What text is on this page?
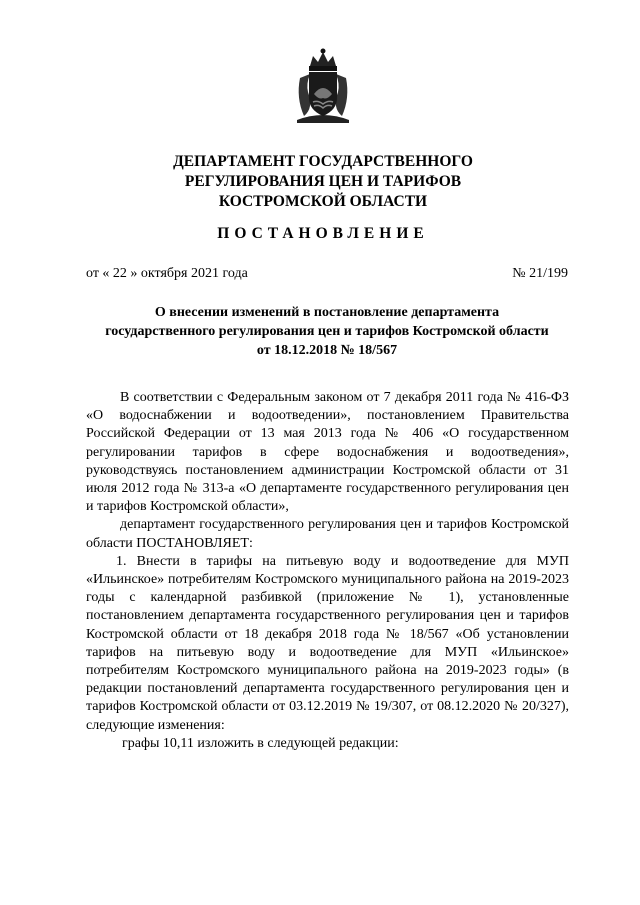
ДЕПАРТАМЕНТ ГОСУДАРСТВЕННОГО
РЕГУЛИРОВАНИЯ ЦЕН И ТАРИФОВ
КОСТРОМСКОЙ ОБЛАСТИ
ПОСТАНОВЛЕНИЕ
от « 22 » октября 2021 года	№ 21/199
О внесении изменений в постановление департамента
государственного регулирования цен и тарифов Костромской области
от 18.12.2018 № 18/567

В соответствии с Федеральным законом от 7 декабря 2011 года № 416-ФЗ «О водоснабжении и водоотведении», постановлением Правительства Российской Федерации от 13 мая 2013 года № 406 «О государственном регулировании тарифов в сфере водоснабжения и водоотведения», руководствуясь постановлением администрации Костромской области от 31 июля 2012 года № 313-а «О департаменте государственного регулирования цен и тарифов Костромской области»,

департамент государственного регулирования цен и тарифов Костромской области ПОСТАНОВЛЯЕТ:

1. Внести в тарифы на питьевую воду и водоотведение для МУП «Ильинское» потребителям Костромского муниципального района на 2019-2023 годы с календарной разбивкой (приложение № 1), установленные постановлением департамента государственного регулирования цен и тарифов Костромской области от 18 декабря 2018 года № 18/567 «Об установлении тарифов на питьевую воду и водоотведение для МУП «Ильинское» потребителям Костромского муниципального района на 2019-2023 годы» (в редакции постановлений департамента государственного регулирования цен и тарифов Костромской области от 03.12.2019 № 19/307, от 08.12.2020 № 20/327), следующие изменения:

графы 10,11 изложить в следующей редакции:
